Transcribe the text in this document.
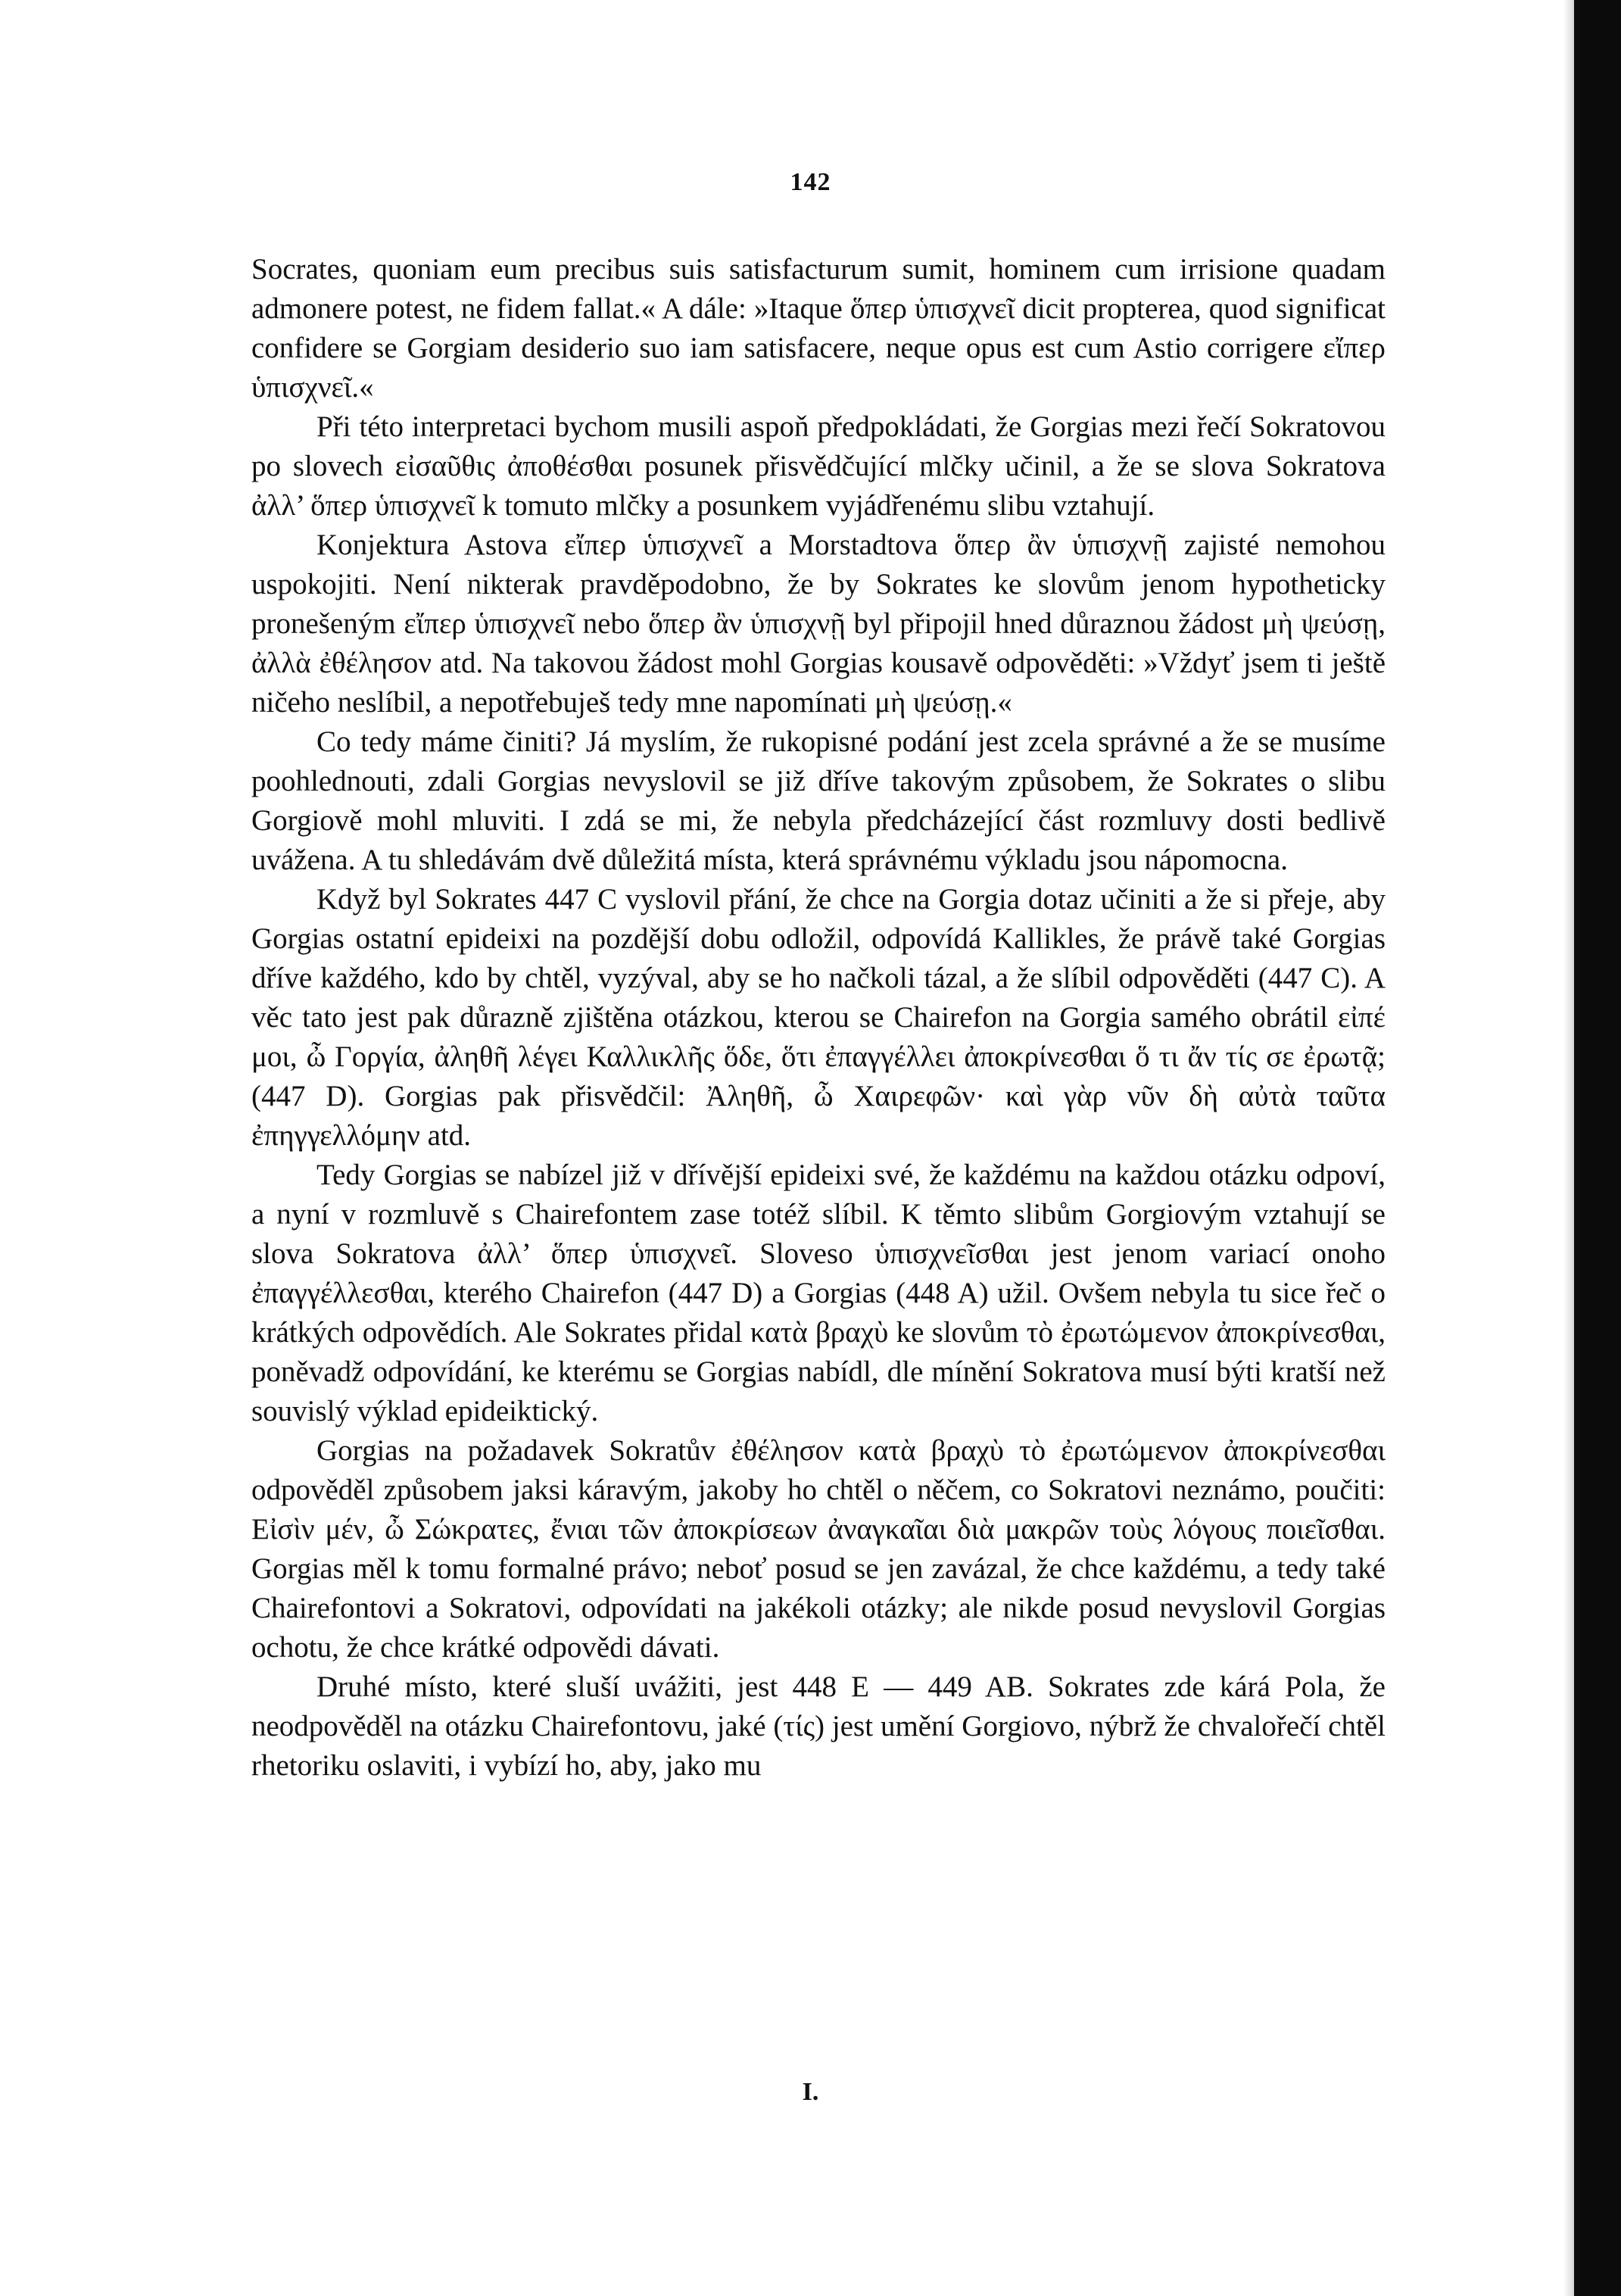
142

Socrates, quoniam eum precibus suis satisfacturum sumit, hominem cum irrisione quadam admonere potest, ne fidem fallat.« A dále: »Itaque ὅπερ ὑπισχνεῖ dicit propterea, quod significat confidere se Gorgiam desiderio suo iam satisfacere, neque opus est cum Astio corrigere εἴπερ ὑπισχνεῖ.«

Při této interpretaci bychom musili aspoň předpokládati, že Gorgias mezi řečí Sokratovou po slovech εἰσαῦθις ἀποθέσθαι posunek přisvědčující mlčky učinil, a že se slova Sokratova ἀλλ’ ὅπερ ὑπισχνεῖ k tomuto mlčky a posunkem vyjádřenému slibu vztahují.

Konjektura Astova εἴπερ ὑπισχνεῖ a Morstadtova ὅπερ ἂν ὑπισχνῇ zajisté nemohou uspokojiti. Není nikterak pravděpodobno, že by Sokrates ke slovům jenom hypotheticky pronešeným εἴπερ ὑπισχνεῖ nebo ὅπερ ἂν ὑπισχνῇ byl připojil hned důraznou žádost μὴ ψεύσῃ, ἀλλὰ ἐθέλησον atd. Na takovou žádost mohl Gorgias kousavě odpověděti: »Vždyť jsem ti ještě ničeho neslíbil, a nepotřebuješ tedy mne napomínati μὴ ψεύσῃ.«

Co tedy máme činiti? Já myslím, že rukopisné podání jest zcela správné a že se musíme poohlednouti, zdali Gorgias nevyslovil se již dříve takovým způsobem, že Sokrates o slibu Gorgiově mohl mluviti. I zdá se mi, že nebyla předcházející část rozmluvy dosti bedlivě uvážena. A tu shledávám dvě důležitá místa, která správnému výkladu jsou nápomocna.

Když byl Sokrates 447 C vyslovil přání, že chce na Gorgia dotaz učiniti a že si přeje, aby Gorgias ostatní epideixi na pozdější dobu odložil, odpovídá Kallikles, že právě také Gorgias dříve každého, kdo by chtěl, vyzýval, aby se ho načkoli tázal, a že slíbil odpověděti (447 C). A věc tato jest pak důrazně zjištěna otázkou, kterou se Chairefon na Gorgia samého obrátil εἰπέ μοι, ὦ Γοργία, ἀληθῆ λέγει Καλλικλῆς ὅδε, ὅτι ἐπαγγέλλει ἀποκρίνεσθαι ὅ τι ἄν τίς σε ἐρωτᾷ; (447 D). Gorgias pak přisvědčil: Ἀληθῆ, ὦ Χαιρεφῶν· καὶ γὰρ νῦν δὴ αὐτὰ ταῦτα ἐπηγγελλόμην atd.

Tedy Gorgias se nabízel již v dřívější epideixi své, že každému na každou otázku odpoví, a nyní v rozmluvě s Chairefontem zase totéž slíbil. K těmto slibům Gorgiovým vztahují se slova Sokratova ἀλλ’ ὅπερ ὑπισχνεῖ. Sloveso ὑπισχνεῖσθαι jest jenom variací onoho ἐπαγγέλλεσθαι, kterého Chairefon (447 D) a Gorgias (448 A) užil. Ovšem nebyla tu sice řeč o krátkých odpovědích. Ale Sokrates přidal κατὰ βραχὺ ke slovům τὸ ἐρωτώμενον ἀποκρίνεσθαι, poněvadž odpovídání, ke kterému se Gorgias nabídl, dle mínění Sokratova musí býti kratší než souvislý výklad epideiktický.

Gorgias na požadavek Sokratův ἐθέλησον κατὰ βραχὺ τὸ ἐρωτώμενον ἀποκρίνεσθαι odpověděl způsobem jaksi káravým, jakoby ho chtěl o něčem, co Sokratovi neznámo, poučiti: Εἰσὶν μέν, ὦ Σώκρατες, ἔνιαι τῶν ἀποκρίσεων ἀναγκαῖαι διὰ μακρῶν τοὺς λόγους ποιεῖσθαι. Gorgias měl k tomu formalné právo; neboť posud se jen zavázal, že chce každému, a tedy také Chairefontovi a Sokratovi, odpovídati na jakékoli otázky; ale nikde posud nevyslovil Gorgias ochotu, že chce krátké odpovědi dávati.

Druhé místo, které sluší uvážiti, jest 448 E — 449 AB. Sokrates zde kárá Pola, že neodpověděl na otázku Chairefontovu, jaké (τίς) jest umění Gorgiovo, nýbrž že chvalořečí chtěl rhetoriku oslaviti, i vybízí ho, aby, jako mu

I.
